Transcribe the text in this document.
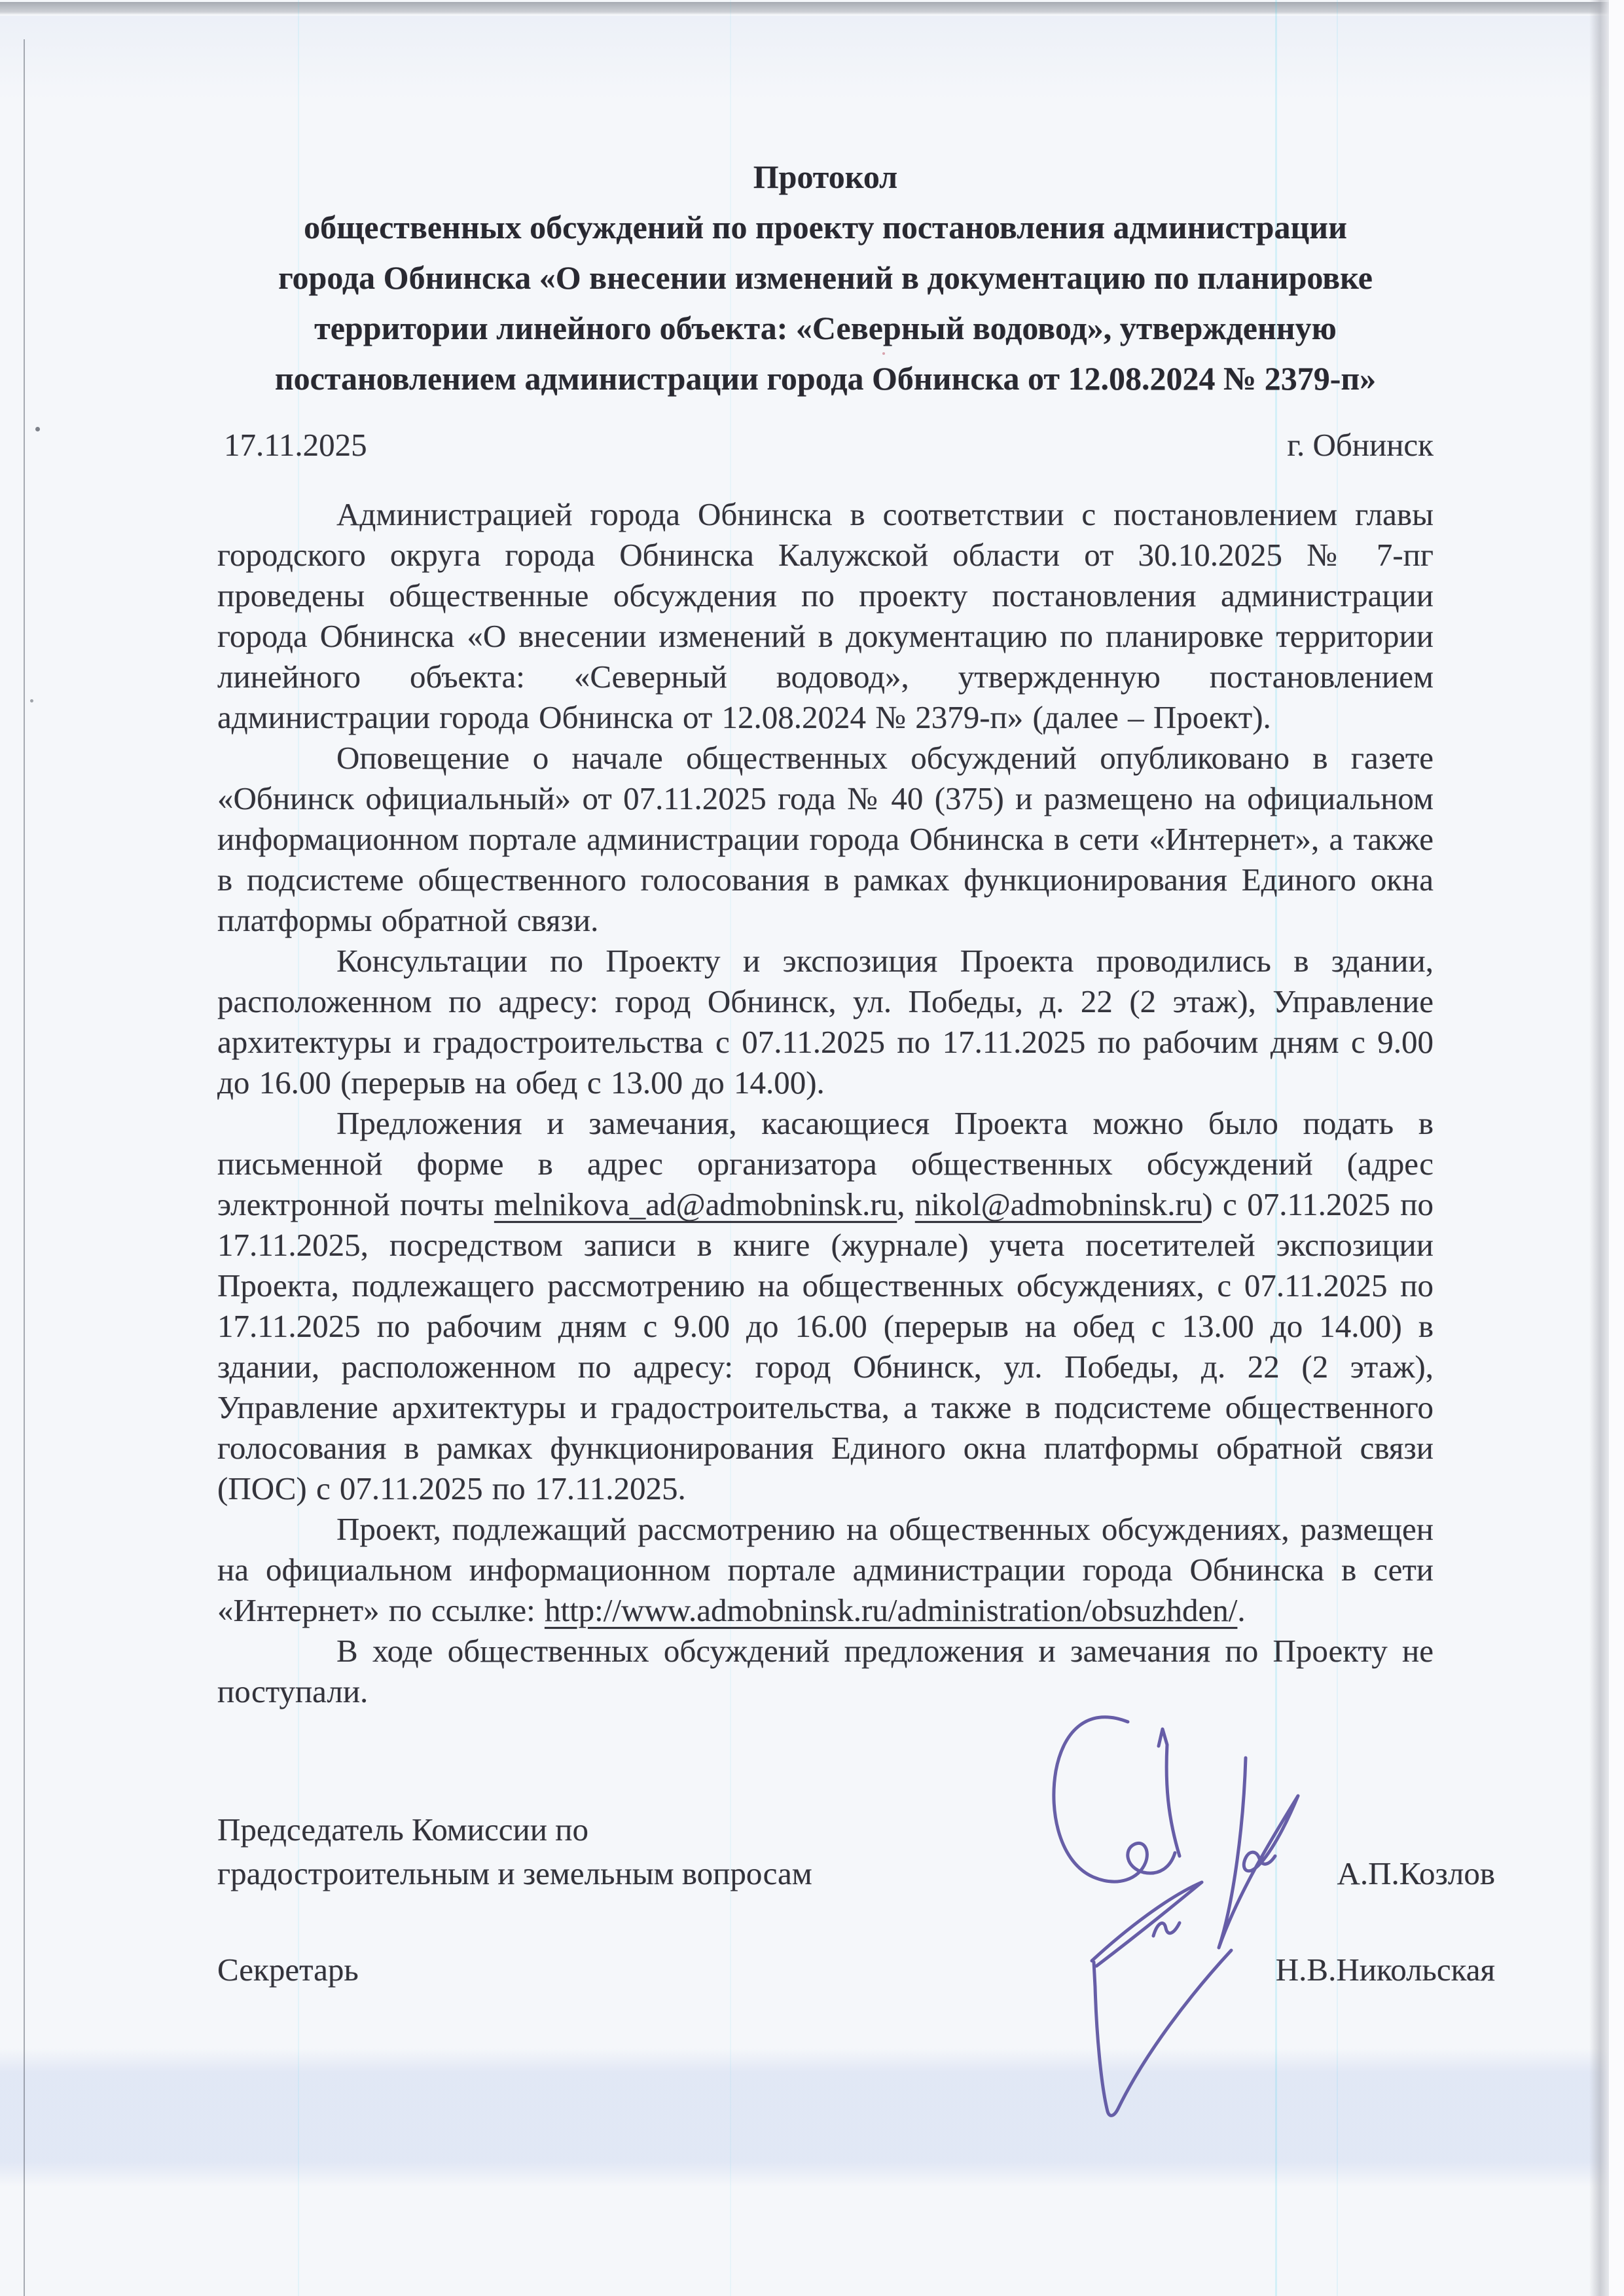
Протокол
общественных обсуждений по проекту постановления администрации города Обнинска «О внесении изменений в документацию по планировке территории линейного объекта: «Северный водовод», утвержденную постановлением администрации города Обнинска от 12.08.2024 № 2379-п»
17.11.2025	г. Обнинск

Администрацией города Обнинска в соответствии с постановлением главы городского округа города Обнинска Калужской области от 30.10.2025 № 7-пг проведены общественные обсуждения по проекту постановления администрации города Обнинска «О внесении изменений в документацию по планировке территории линейного объекта: «Северный водовод», утвержденную постановлением администрации города Обнинска от 12.08.2024 № 2379-п» (далее – Проект).

Оповещение о начале общественных обсуждений опубликовано в газете «Обнинск официальный» от 07.11.2025 года № 40 (375) и размещено на официальном информационном портале администрации города Обнинска в сети «Интернет», а также в подсистеме общественного голосования в рамках функционирования Единого окна платформы обратной связи.

Консультации по Проекту и экспозиция Проекта проводились в здании, расположенном по адресу: город Обнинск, ул. Победы, д. 22 (2 этаж), Управление архитектуры и градостроительства с 07.11.2025 по 17.11.2025 по рабочим дням с 9.00 до 16.00 (перерыв на обед с 13.00 до 14.00).

Предложения и замечания, касающиеся Проекта можно было подать в письменной форме в адрес организатора общественных обсуждений (адрес электронной почты melnikova_ad@admobninsk.ru, nikol@admobninsk.ru) с 07.11.2025 по 17.11.2025, посредством записи в книге (журнале) учета посетителей экспозиции Проекта, подлежащего рассмотрению на общественных обсуждениях, с 07.11.2025 по 17.11.2025 по рабочим дням с 9.00 до 16.00 (перерыв на обед с 13.00 до 14.00) в здании, расположенном по адресу: город Обнинск, ул. Победы, д. 22 (2 этаж), Управление архитектуры и градостроительства, а также в подсистеме общественного голосования в рамках функционирования Единого окна платформы обратной связи (ПОС) с 07.11.2025 по 17.11.2025.

Проект, подлежащий рассмотрению на общественных обсуждениях, размещен на официальном информационном портале администрации города Обнинска в сети «Интернет» по ссылке: http://www.admobninsk.ru/administration/obsuzhden/.

В ходе общественных обсуждений предложения и замечания по Проекту не поступали.

Председатель Комиссии по
градостроительным и земельным вопросам	А.П.Козлов
Секретарь	Н.В.Никольская
